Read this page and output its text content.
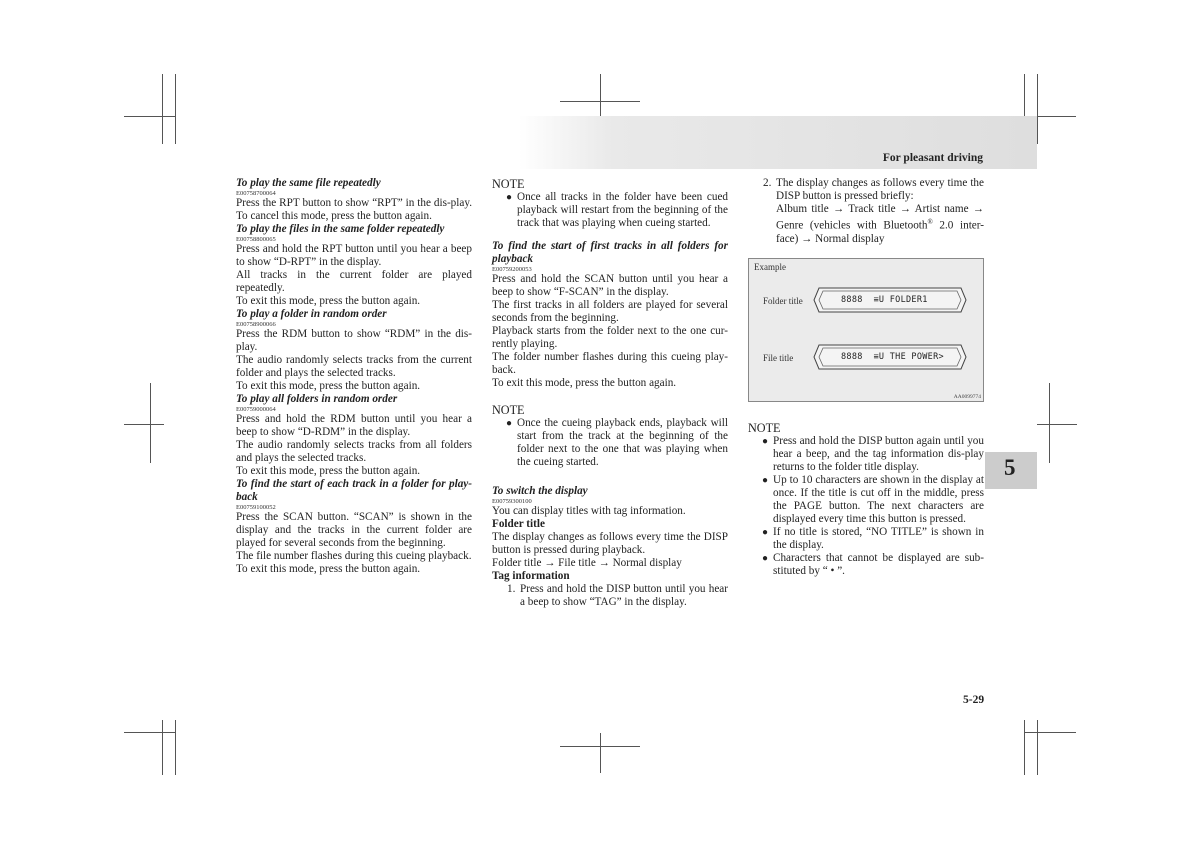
For pleasant driving
5
5-29

To play the same file repeatedly

E00758700064

Press the RPT button to show “RPT” in the dis-play. To cancel this mode, press the button again.

To play the files in the same folder repeatedly

E00758800065

Press and hold the RPT button until you hear a beep to show “D-RPT” in the display.

All tracks in the current folder are played repeatedly.

To exit this mode, press the button again.

To play a folder in random order

E00758900066

Press the RDM button to show “RDM” in the dis-play.

The audio randomly selects tracks from the current folder and plays the selected tracks.

To exit this mode, press the button again.

To play all folders in random order

E00759000064

Press and hold the RDM button until you hear a beep to show “D-RDM” in the display.

The audio randomly selects tracks from all folders and plays the selected tracks.

To exit this mode, press the button again.

To find the start of each track in a folder for play-back

E00759100052

Press the SCAN button. “SCAN” is shown in the display and the tracks in the current folder are played for several seconds from the beginning.

The file number flashes during this cueing playback.

To exit this mode, press the button again.

NOTE

● Once all tracks in the folder have been cued playback will restart from the beginning of the track that was playing when cueing started.

To find the start of first tracks in all folders for playback

E00759200053

Press and hold the SCAN button until you hear a beep to show “F-SCAN” in the display.

The first tracks in all folders are played for several seconds from the beginning.

Playback starts from the folder next to the one cur-rently playing.

The folder number flashes during this cueing play-back.

To exit this mode, press the button again.

NOTE

● Once the cueing playback ends, playback will start from the track at the beginning of the folder next to the one that was playing when the cueing started.

To switch the display

E00759300100

You can display titles with tag information.

Folder title

The display changes as follows every time the DISP button is pressed during playback.

Folder title → File title → Normal display

Tag information

1. Press and hold the DISP button until you hear a beep to show “TAG” in the display.

2. The display changes as follows every time the DISP button is pressed briefly:
Album title → Track title → Artist name → Genre (vehicles with Bluetooth® 2.0 inter-face) → Normal display

Example
Folder title	8888  ≡U FOLDER1
File title	8888  ≡U THE POWER>
AA0099774

NOTE

● Press and hold the DISP button again until you hear a beep, and the tag information dis-play returns to the folder title display.

● Up to 10 characters are shown in the display at once. If the title is cut off in the middle, press the PAGE button. The next characters are displayed every time this button is pressed.

● If no title is stored, “NO TITLE” is shown in the display.

● Characters that cannot be displayed are sub-stituted by “ • ”.
